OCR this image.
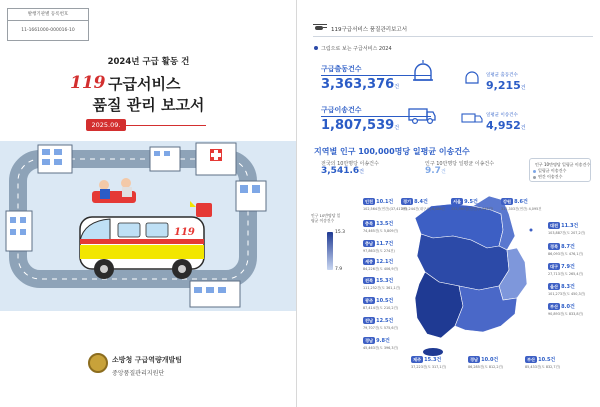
발행기관별 등록번호
11-1661000-000016-10
2024년 구급 활동 건
119 구급서비스
품질 관리 보고서
2025.09.
119
소방청 구급역량개발팀
중앙품질관리지원단
119구급서비스 품질관리보고서
그림으로 보는 구급서비스 2024
구급출동건수
3,363,376건
일평균 출동건수
9,215건
구급이송건수
1,807,539건
일평균 이송건수
4,952건
지역별 인구 100,000명당 일평균 이송건수
전국의 10만명당 이송건수
3,541.6건
인구 10만명당 일평균 이송건수
9.7건
인구 10만명당 일평균 이송건수
일평균 이송건수
연간 이송건수
인구 10만명당 일평균 이송건수
15.3
7.9
인천 10.1건
102,564건(연간)(37,417건)
경기 8.4건
395,244건(대구시) 6,086건
서울 9.5건
332,969건(연간)(1,445건)
강원 8.6건
311,303건(연간) 4,095건
충북 13.5건
74,465건(도 5,809건)
충남 11.7건
97,863건(도 274건)
대전 11.3건
103,887건(도 207,2건)
세종 12.1건
84,226건(도 406,9건)
경북 8.7건
86,093건(도 476,1건)
전북 15.3건
111,252건(도 361,1건)
대구 7.9건
27,713건(도 265,4건)
광주 10.5건
87,414건(도 210,2건)
울산 8.3건
101,273건(도 450,3건)
전남 12.5건
79,707건(도 575,6건)
부산 8.0건
90,893건(도 833,8건)
경남 9.8건
45,463건(도 396,3건)
제주 15.3건
37,223건(도 317,1건)
경남 10.0건
86,285건(도 812,2건)
부산 10.5건
85,433건(도 832,7건)
